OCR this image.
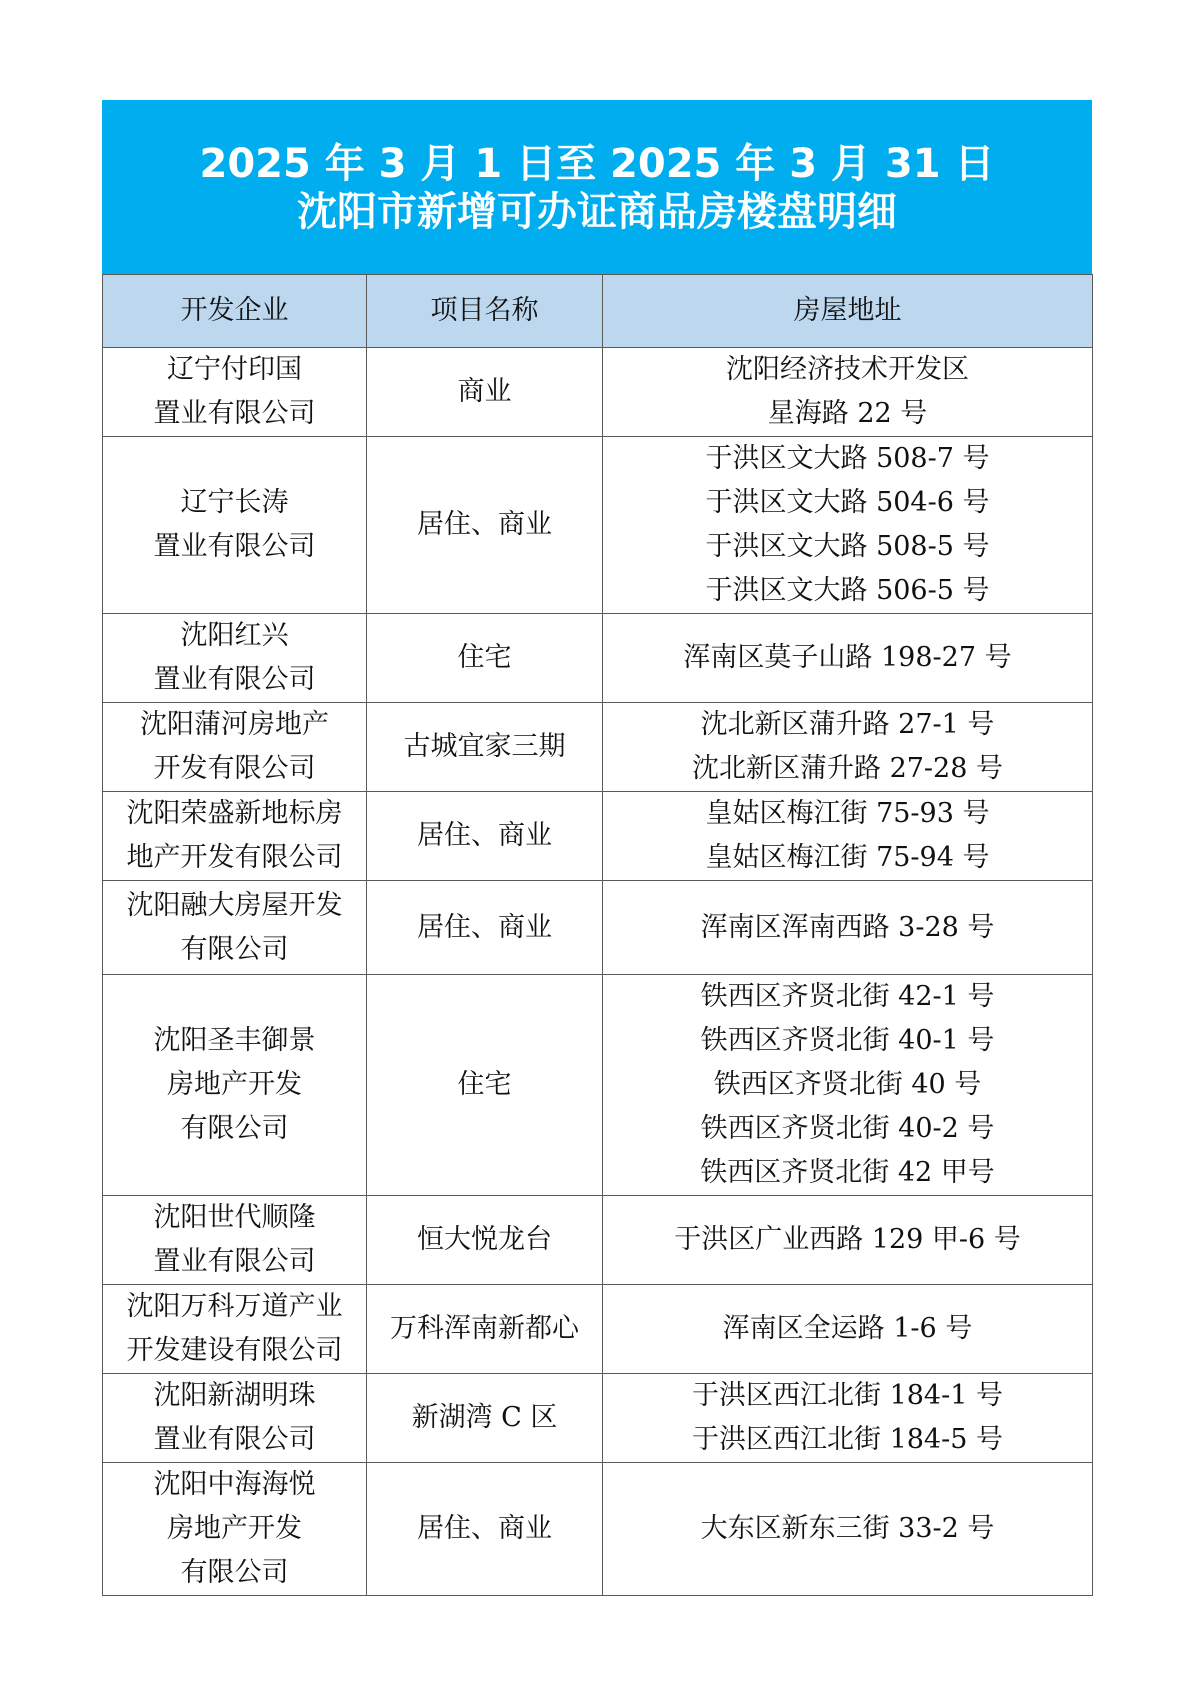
2025 年 3 月 1 日至 2025 年 3 月 31 日
沈阳市新增可办证商品房楼盘明细
开发企业	项目名称	房屋地址

辽宁付印国
置业有限公司	商业	沈阳经济技术开发区
星海路 22 号

辽宁长涛
置业有限公司	居住、商业	于洪区文大路 508-7 号
于洪区文大路 504-6 号
于洪区文大路 508-5 号
于洪区文大路 506-5 号

沈阳红兴
置业有限公司	住宅	浑南区莫子山路 198-27 号

沈阳蒲河房地产
开发有限公司	古城宜家三期	沈北新区蒲升路 27-1 号
沈北新区蒲升路 27-28 号

沈阳荣盛新地标房
地产开发有限公司	居住、商业	皇姑区梅江街 75-93 号
皇姑区梅江街 75-94 号

沈阳融大房屋开发
有限公司	居住、商业	浑南区浑南西路 3-28 号

沈阳圣丰御景
房地产开发
有限公司	住宅	铁西区齐贤北街 42-1 号
铁西区齐贤北街 40-1 号
铁西区齐贤北街 40 号
铁西区齐贤北街 40-2 号
铁西区齐贤北街 42 甲号

沈阳世代顺隆
置业有限公司	恒大悦龙台	于洪区广业西路 129 甲-6 号

沈阳万科万道产业
开发建设有限公司	万科浑南新都心	浑南区全运路 1-6 号

沈阳新湖明珠
置业有限公司	新湖湾 C 区	于洪区西江北街 184-1 号
于洪区西江北街 184-5 号

沈阳中海海悦
房地产开发
有限公司	居住、商业	大东区新东三街 33-2 号
